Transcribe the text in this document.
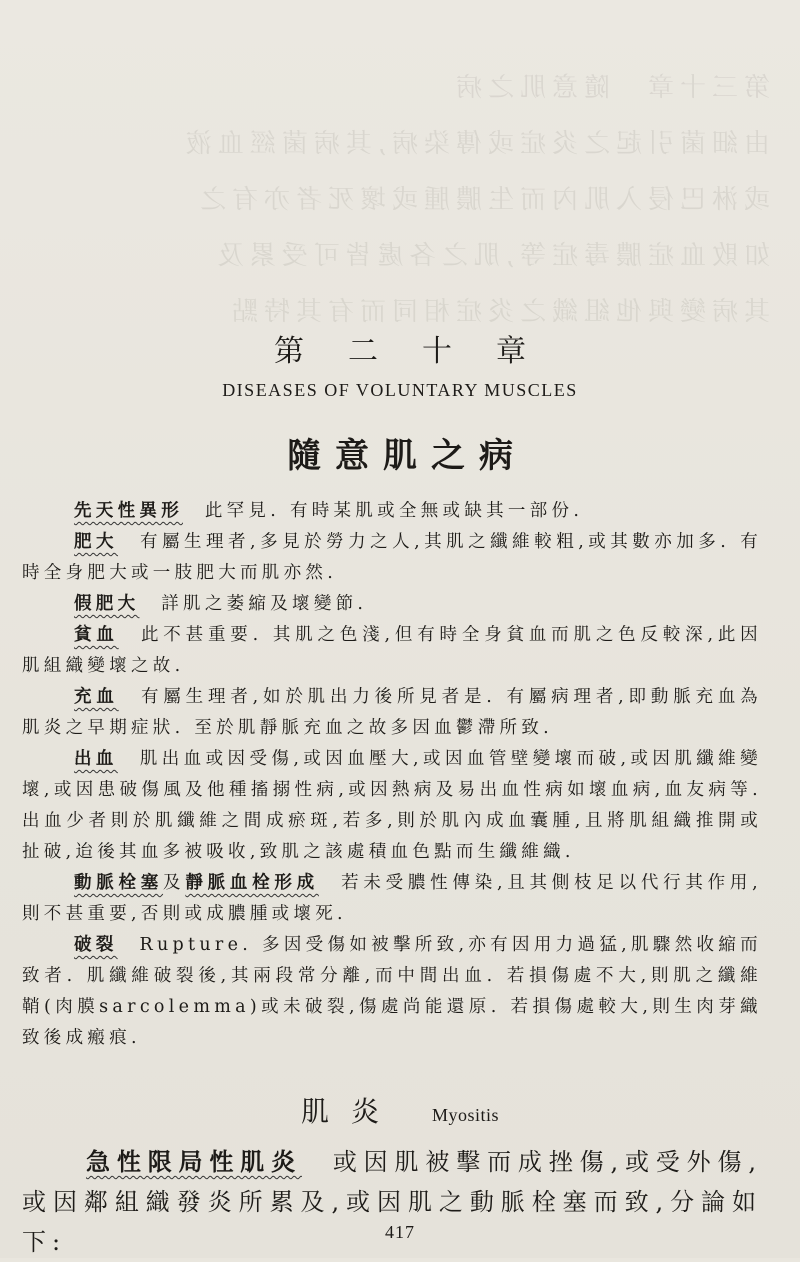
第三十章　隨意肌之病
由細菌引起之炎症或傳染病,其病菌經血液
或淋巴侵入肌內而生膿腫或壞死者亦有之
如敗血症膿毒症等,肌之各處皆可受累及
其病變與他組織之炎症相同而有其特點
第二十章
DISEASES OF VOLUNTARY MUSCLES
隨意肌之病

先天性異形　 此罕見. 有時某肌或全無或缺其一部份.

肥大　 有屬生理者,多見於勞力之人,其肌之纖維較粗,或其數亦加多. 有時全身肥大或一肢肥大而肌亦然.

假肥大　 詳肌之萎縮及壞變節.

貧血　 此不甚重要. 其肌之色淺,但有時全身貧血而肌之色反較深,此因肌組織變壞之故.

充血　 有屬生理者,如於肌出力後所見者是. 有屬病理者,即動脈充血為肌炎之早期症狀. 至於肌靜脈充血之故多因血鬱滯所致.

出血　 肌出血或因受傷,或因血壓大,或因血管壁變壞而破,或因肌纖維變壞,或因患破傷風及他種搐搦性病,或因熱病及易出血性病如壞血病,血友病等. 出血少者則於肌纖維之間成瘀斑,若多,則於肌內成血囊腫,且將肌組織推開或扯破,迨後其血多被吸收,致肌之該處積血色點而生纖維織.

動脈栓塞及靜脈血栓形成　 若未受膿性傳染,且其側枝足以代行其作用,則不甚重要,否則或成膿腫或壞死.

破裂　 Rupture. 多因受傷如被擊所致,亦有因用力過猛,肌驟然收縮而致者. 肌纖維破裂後,其兩段常分離,而中間出血. 若損傷處不大,則肌之纖維鞘(肉膜sarcolemma)或未破裂,傷處尚能還原. 若損傷處較大,則生肉芽織致後成瘢痕.

肌炎 Myositis

急性限局性肌炎　 或因肌被擊而成挫傷,或受外傷,或因鄰組織發炎所累及,或因肌之動脈栓塞而致,分論如下:	417
